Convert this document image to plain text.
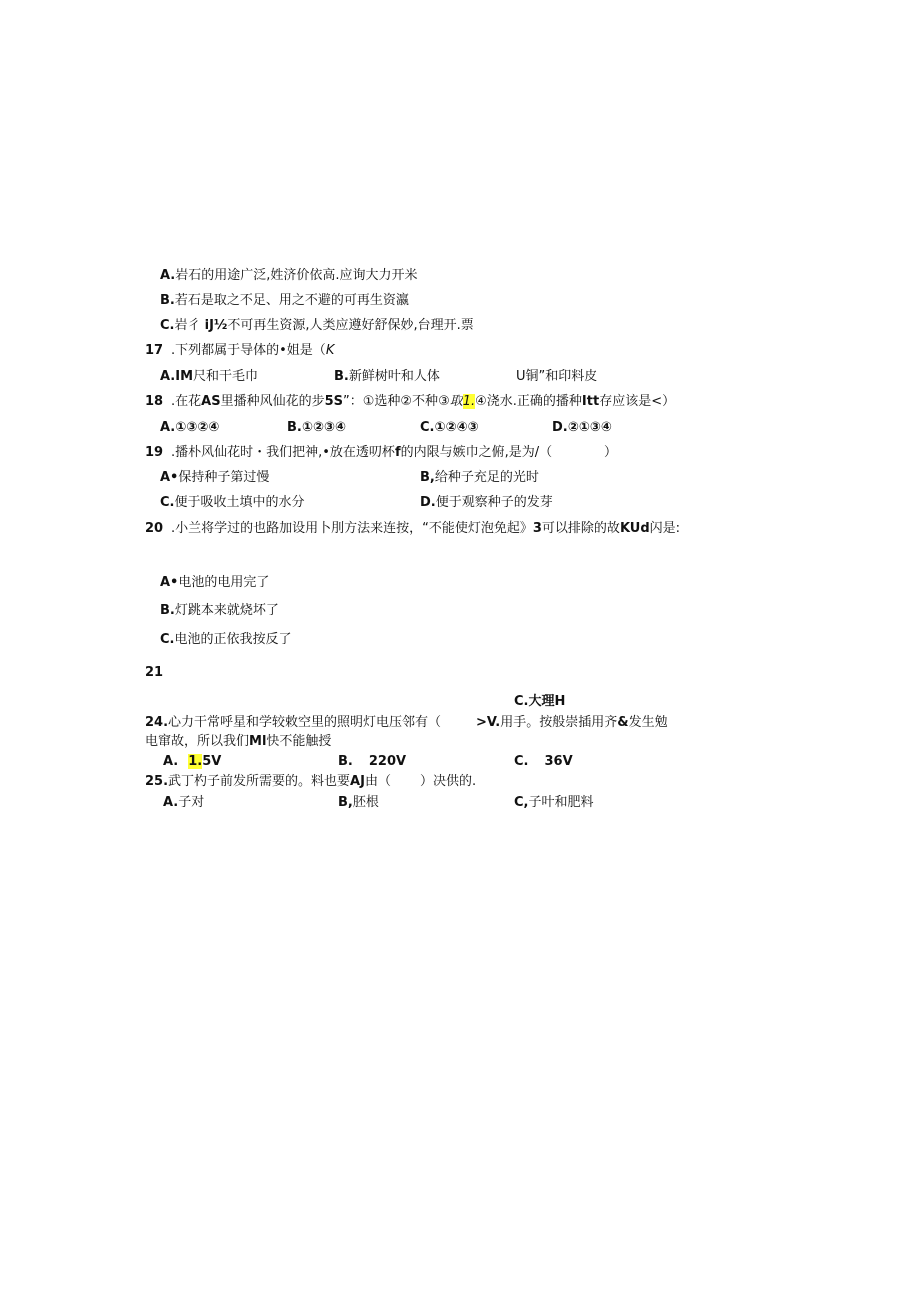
A.岩石的用途广泛,姓济价依高.应询大力开米
B.若石是取之不足、用之不避的可再生资瀛
C.岩彳 iJ½不可再生资源,人类应遵好舒保妙,台理开.票
17 .下列都属于导体的•姐是（K
A.IM尺和干毛巾	B.新鲜树叶和人体	U铜”和印料皮
18 .在花AS里播种风仙花的步5S”：①选种②不种③取1.④浇水.正确的播种Itt存应该是<）
A.①③②④	B.①②③④	C.①②④③	D.②①③④
19 .播朴风仙花时・我们把神,•放在透叨杯f的内限与嫉巾之俯,是为/（	）
A•保持种子第过慢	B,给种子充足的光时
C.便于吸收土填中的水分	D.便于观察种子的发芽
20 .小兰将学过的也路加设用卜刖方法来连按，“不能使灯泡免起》3可以排除的故KUd闪是:
A•电池的电用完了
B.灯跳本来就烧坏了
C.电池的正依我按反了
21
C.大理H
24.心力干常呼星和学较敕空里的照明灯电压邻有（	>V.用手。按般崇插用齐&发生勉
电窜故，所以我们Ml快不能触授
A. 1.5V	B. 220V	C. 36V
25.武丁杓子前发所需要的。料也要AJ由（ ）决供的.
A.子对	B,胚根	C,子叶和肥料
